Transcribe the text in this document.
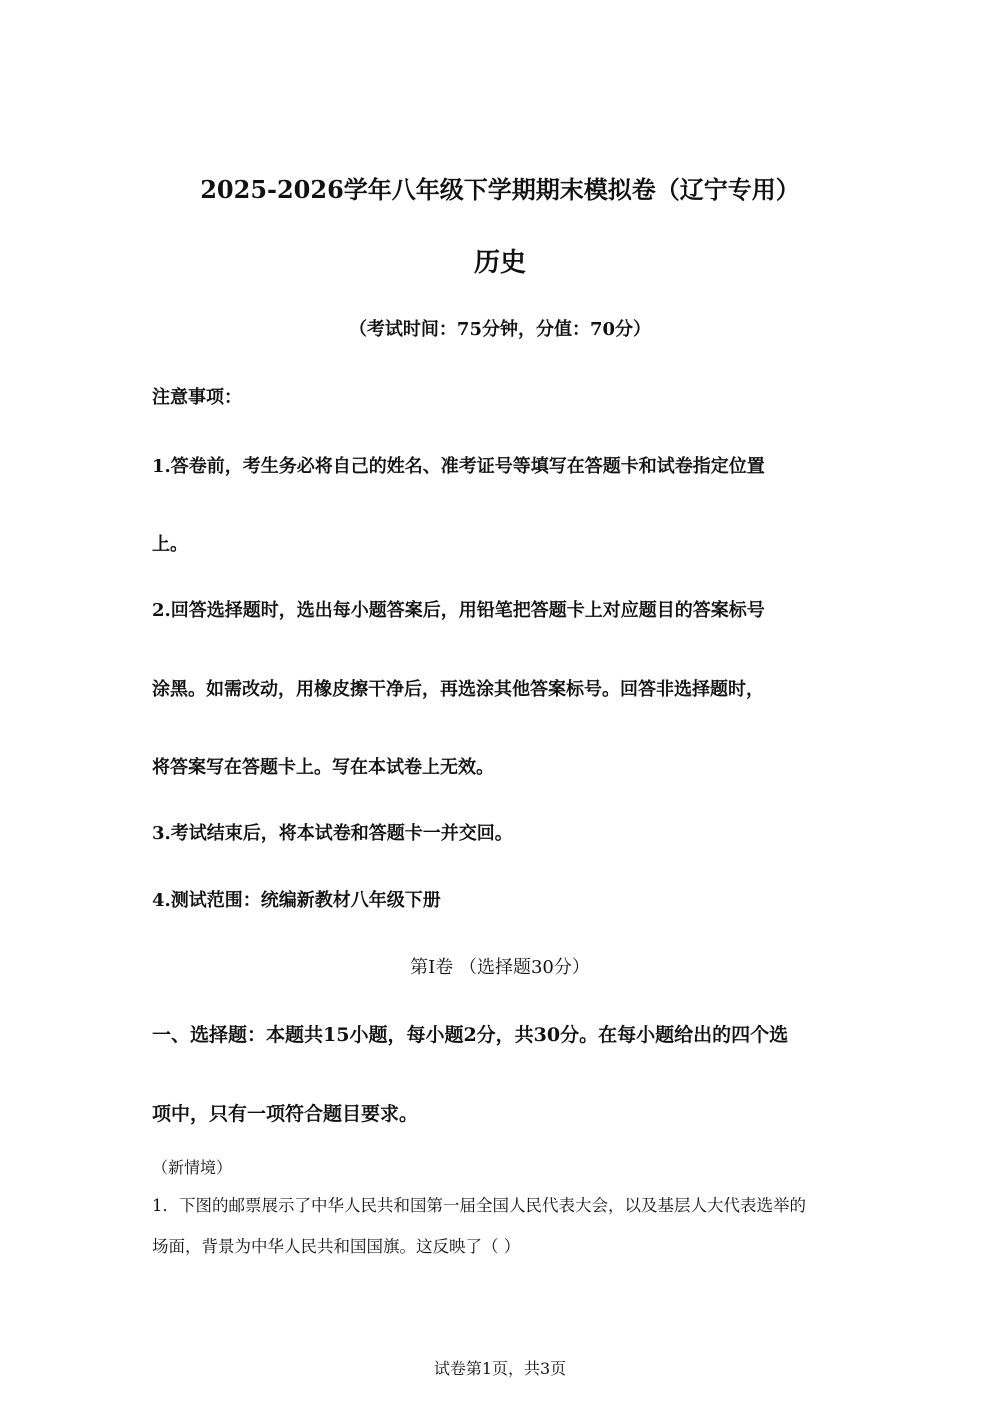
2025-2026学年八年级下学期期末模拟卷（辽宁专用）
历史
（考试时间：75分钟，分值：70分）
注意事项：
1.答卷前，考生务必将自己的姓名、准考证号等填写在答题卡和试卷指定位置
上。
2.回答选择题时，选出每小题答案后，用铅笔把答题卡上对应题目的答案标号
涂黑。如需改动，用橡皮擦干净后，再选涂其他答案标号。回答非选择题时，
将答案写在答题卡上。写在本试卷上无效。
3.考试结束后，将本试卷和答题卡一并交回。
4.测试范围：统编新教材八年级下册
第Ⅰ卷 （选择题30分）
一、选择题：本题共15小题，每小题2分，共30分。在每小题给出的四个选
项中，只有一项符合题目要求。
（新情境）
1．下图的邮票展示了中华人民共和国第一届全国人民代表大会，以及基层人大代表选举的
场面，背景为中华人民共和国国旗。这反映了（ ）
试卷第1页，共3页
